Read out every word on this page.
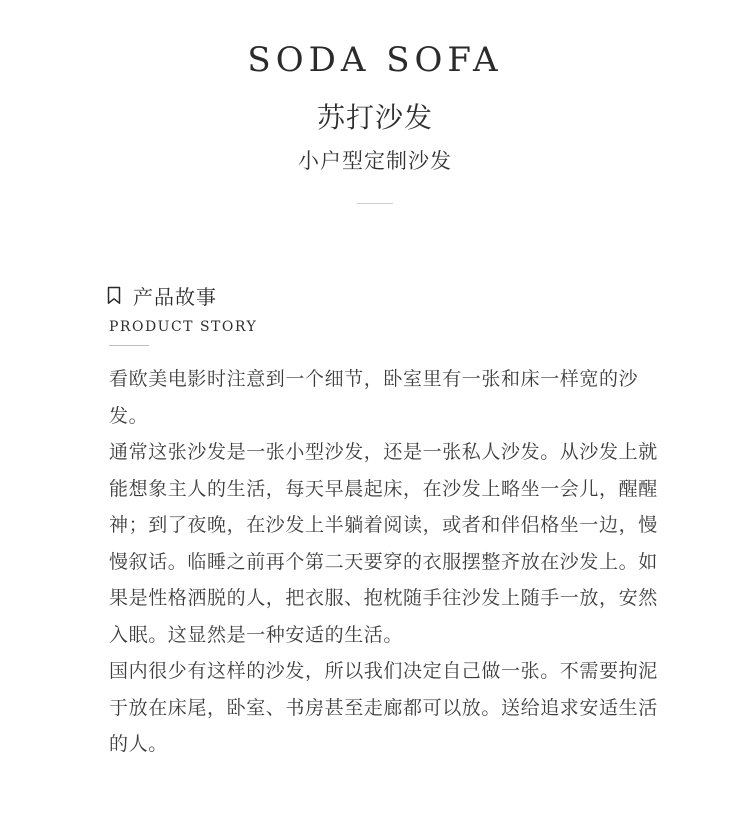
SODA SOFA
苏打沙发
小户型定制沙发
产品故事
PRODUCT STORY

看欧美电影时注意到一个细节，卧室里有一张和床一样宽的沙发。

通常这张沙发是一张小型沙发，还是一张私人沙发。从沙发上就能想象主人的生活，每天早晨起床，在沙发上略坐一会儿，醒醒神；到了夜晚，在沙发上半躺着阅读，或者和伴侣格坐一边，慢慢叙话。临睡之前再个第二天要穿的衣服摆整齐放在沙发上。如果是性格洒脱的人，把衣服、抱枕随手往沙发上随手一放，安然入眠。这显然是一种安适的生活。

国内很少有这样的沙发，所以我们决定自己做一张。不需要拘泥于放在床尾，卧室、书房甚至走廊都可以放。送给追求安适生活的人。
